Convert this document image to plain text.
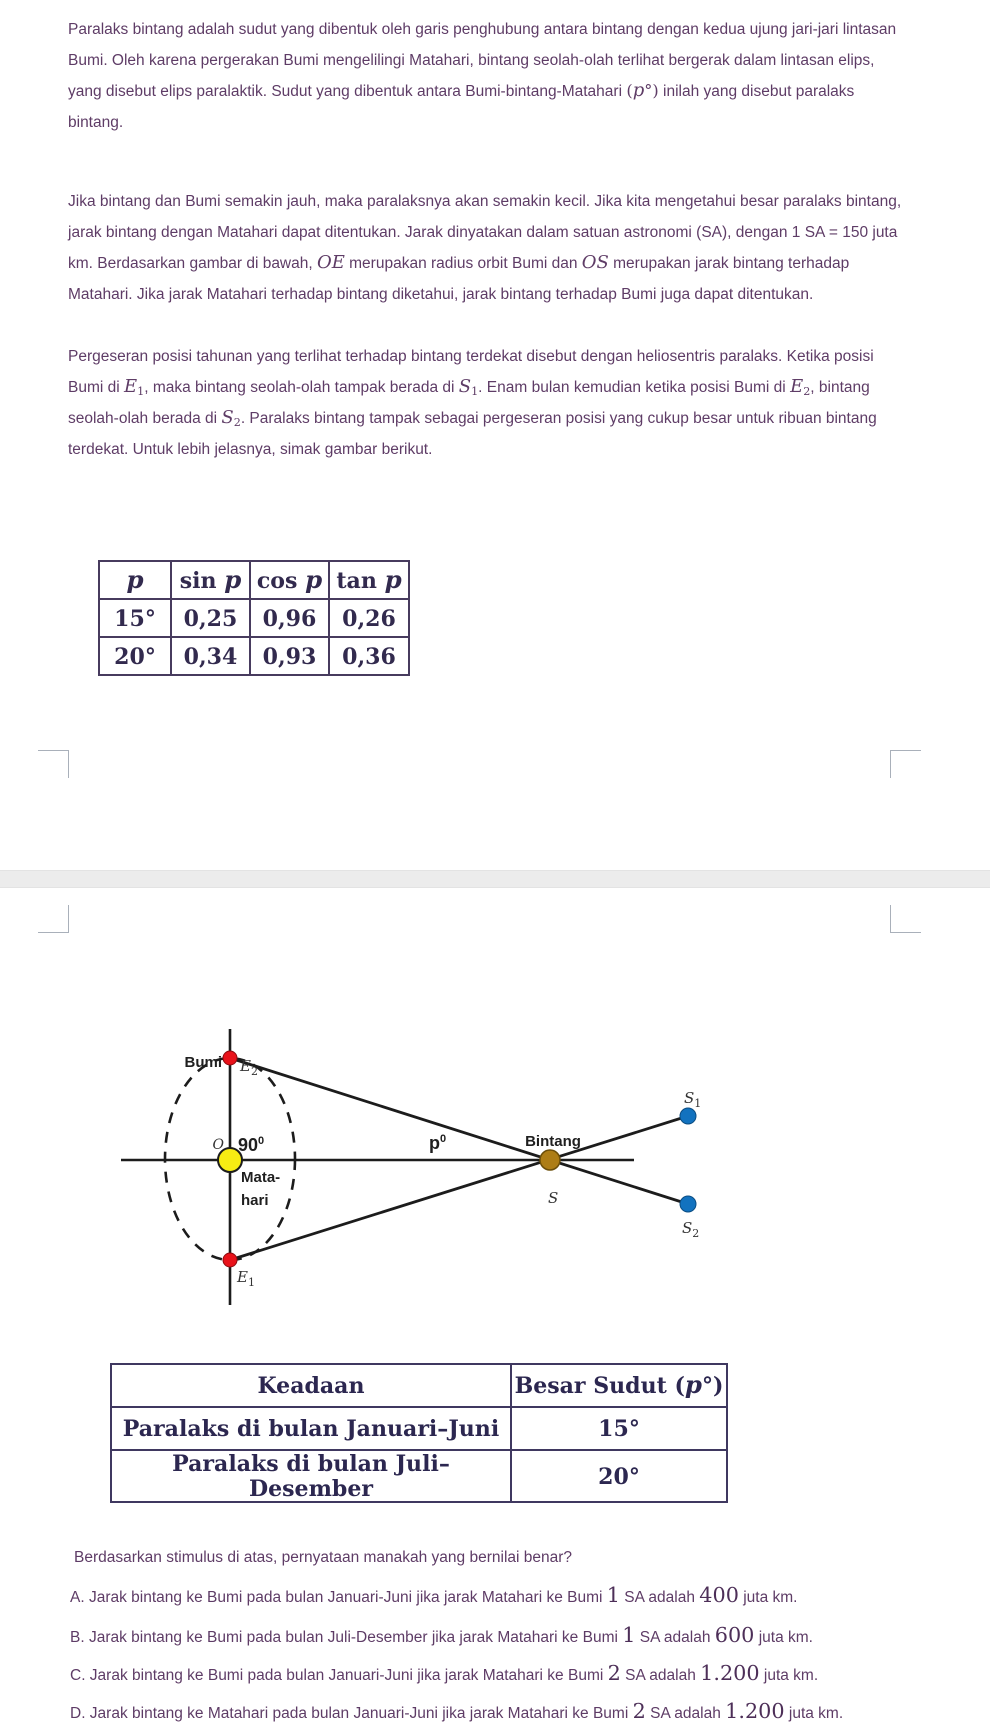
Paralaks bintang adalah sudut yang dibentuk oleh garis penghubung antara bintang dengan kedua ujung jari-jari lintasan Bumi. Oleh karena pergerakan Bumi mengelilingi Matahari, bintang seolah-olah terlihat bergerak dalam lintasan elips, yang disebut elips paralaktik. Sudut yang dibentuk antara Bumi-bintang-Matahari (p°) inilah yang disebut paralaks bintang.
Jika bintang dan Bumi semakin jauh, maka paralaksnya akan semakin kecil. Jika kita mengetahui besar paralaks bintang, jarak bintang dengan Matahari dapat ditentukan. Jarak dinyatakan dalam satuan astronomi (SA), dengan 1 SA = 150 juta km. Berdasarkan gambar di bawah, OE merupakan radius orbit Bumi dan OS merupakan jarak bintang terhadap Matahari. Jika jarak Matahari terhadap bintang diketahui, jarak bintang terhadap Bumi juga dapat ditentukan.
Pergeseran posisi tahunan yang terlihat terhadap bintang terdekat disebut dengan heliosentris paralaks. Ketika posisi Bumi di E1, maka bintang seolah-olah tampak berada di S1. Enam bulan kemudian ketika posisi Bumi di E2, bintang seolah-olah berada di S2. Paralaks bintang tampak sebagai pergeseran posisi yang cukup besar untuk ribuan bintang terdekat. Untuk lebih jelasnya, simak gambar berikut.
p	sin p	cos p	tan p
15°	0,25	0,96	0,26
20°	0,34	0,93	0,36
Bumi $E_2$
O $90^0$
Mata-
hari
$p^0$	Bintang
S
$S_1$
$S_2$
$E_1$
Keadaan	Besar Sudut (p°)
Paralaks di bulan Januari–Juni	15°
Paralaks di bulan Juli–Desember	20°
Berdasarkan stimulus di atas, pernyataan manakah yang bernilai benar?
A. Jarak bintang ke Bumi pada bulan Januari-Juni jika jarak Matahari ke Bumi 1 SA adalah 400 juta km.
B. Jarak bintang ke Bumi pada bulan Juli-Desember jika jarak Matahari ke Bumi 1 SA adalah 600 juta km.
C. Jarak bintang ke Bumi pada bulan Januari-Juni jika jarak Matahari ke Bumi 2 SA adalah 1.200 juta km.
D. Jarak bintang ke Matahari pada bulan Januari-Juni jika jarak Matahari ke Bumi 2 SA adalah 1.200 juta km.
